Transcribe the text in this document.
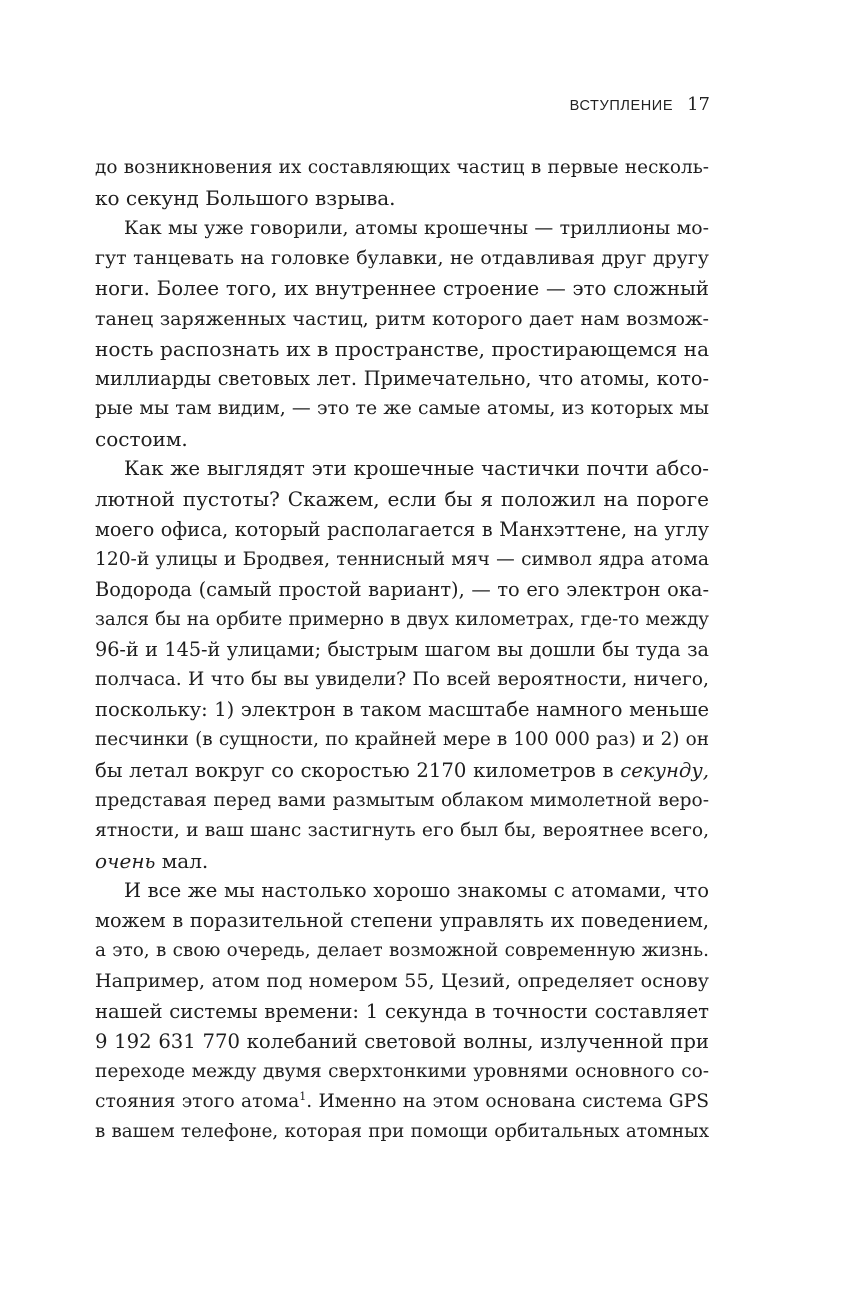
ВСТУПЛЕНИЕ 17
до возникновения их составляющих частиц в первые несколь-
ко секунд Большого взрыва.
Как мы уже говорили, атомы крошечны — триллионы мо-
гут танцевать на головке булавки, не отдавливая друг другу
ноги. Более того, их внутреннее строение — это сложный
танец заряженных частиц, ритм которого дает нам возмож-
ность распознать их в пространстве, простирающемся на
миллиарды световых лет. Примечательно, что атомы, кото-
рые мы там видим, — это те же самые атомы, из которых мы
состоим.
Как же выглядят эти крошечные частички почти абсо-
лютной пустоты? Скажем, если бы я положил на пороге
моего офиса, который располагается в Манхэттене, на углу
120-й улицы и Бродвея, теннисный мяч — символ ядра атома
Водорода (самый простой вариант), — то его электрон ока-
зался бы на орбите примерно в двух километрах, где-то между
96-й и 145-й улицами; быстрым шагом вы дошли бы туда за
полчаса. И что бы вы увидели? По всей вероятности, ничего,
поскольку: 1) электрон в таком масштабе намного меньше
песчинки (в сущности, по крайней мере в 100 000 раз) и 2) он
бы летал вокруг со скоростью 2170 километров в секунду,
представая перед вами размытым облаком мимолетной веро-
ятности, и ваш шанс застигнуть его был бы, вероятнее всего,
очень мал.
И все же мы настолько хорошо знакомы с атомами, что
можем в поразительной степени управлять их поведением,
а это, в свою очередь, делает возможной современную жизнь.
Например, атом под номером 55, Цезий, определяет основу
нашей системы времени: 1 секунда в точности составляет
9 192 631 770 колебаний световой волны, излученной при
переходе между двумя сверхтонкими уровнями основного со-
стояния этого атома$^1$. Именно на этом основана система GPS
в вашем телефоне, которая при помощи орбитальных атомных
